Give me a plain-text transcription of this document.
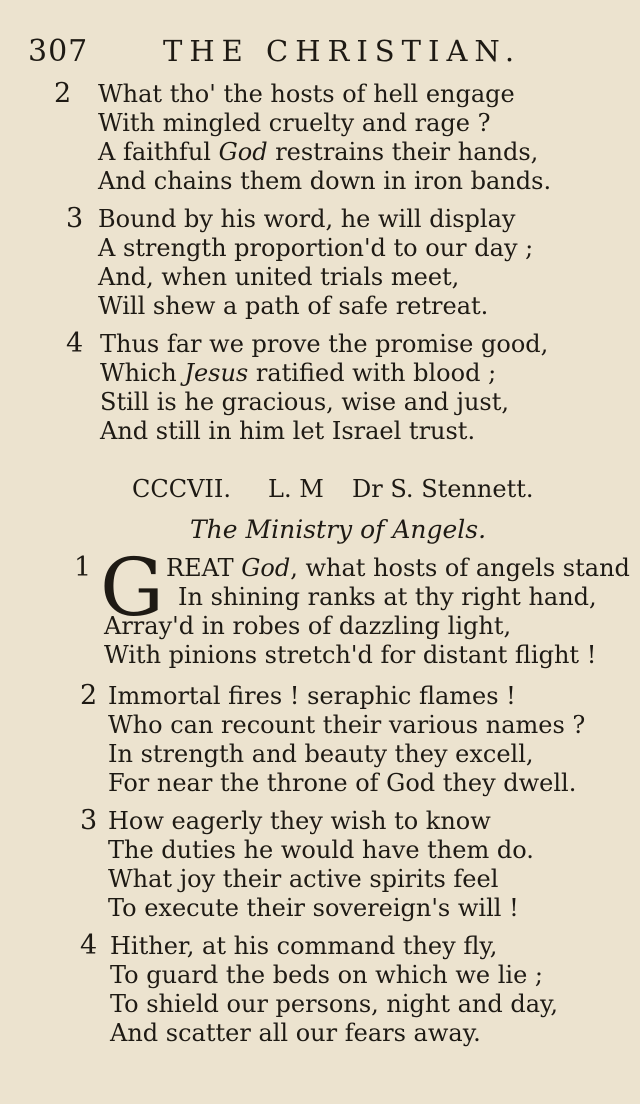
307	THE CHRISTIAN.
2 What tho' the hosts of hell engage
With mingled cruelty and rage ?
A faithful God restrains their hands,
And chains them down in iron bands.
3 Bound by his word, he will display
A strength proportion'd to our day ;
And, when united trials meet,
Will shew a path of safe retreat.
4 Thus far we prove the promise good,
Which Jesus ratified with blood ;
Still is he gracious, wise and just,
And still in him let Israel trust.
CCCVII. L. M Dr S. Stennett.
The Ministry of Angels.
G
1	REAT God, what hosts of angels stand
In shining ranks at thy right hand,
Array'd in robes of dazzling light,
With pinions stretch'd for distant flight !
2 Immortal fires ! seraphic flames !
Who can recount their various names ?
In strength and beauty they excell,
For near the throne of God they dwell.
3 How eagerly they wish to know
The duties he would have them do.
What joy their active spirits feel
To execute their sovereign's will !
4 Hither, at his command they fly,
To guard the beds on which we lie ;
To shield our persons, night and day,
And scatter all our fears away.
